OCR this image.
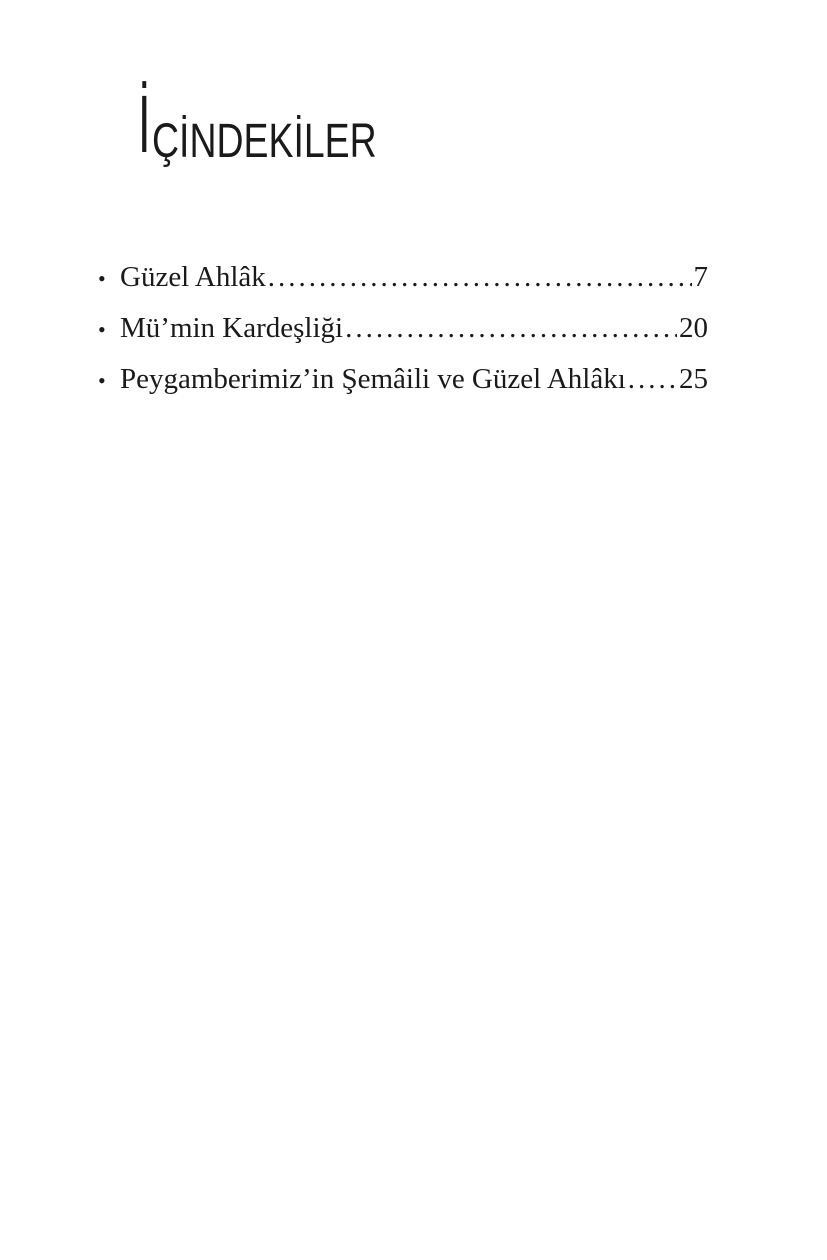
İ ÇİNDEKİLER
• Güzel Ahlâk .....	7
• Mü’min Kardeşliği .....	20
• Peygamberimiz’in Şemâili ve Güzel Ahlâkı ..... 25
